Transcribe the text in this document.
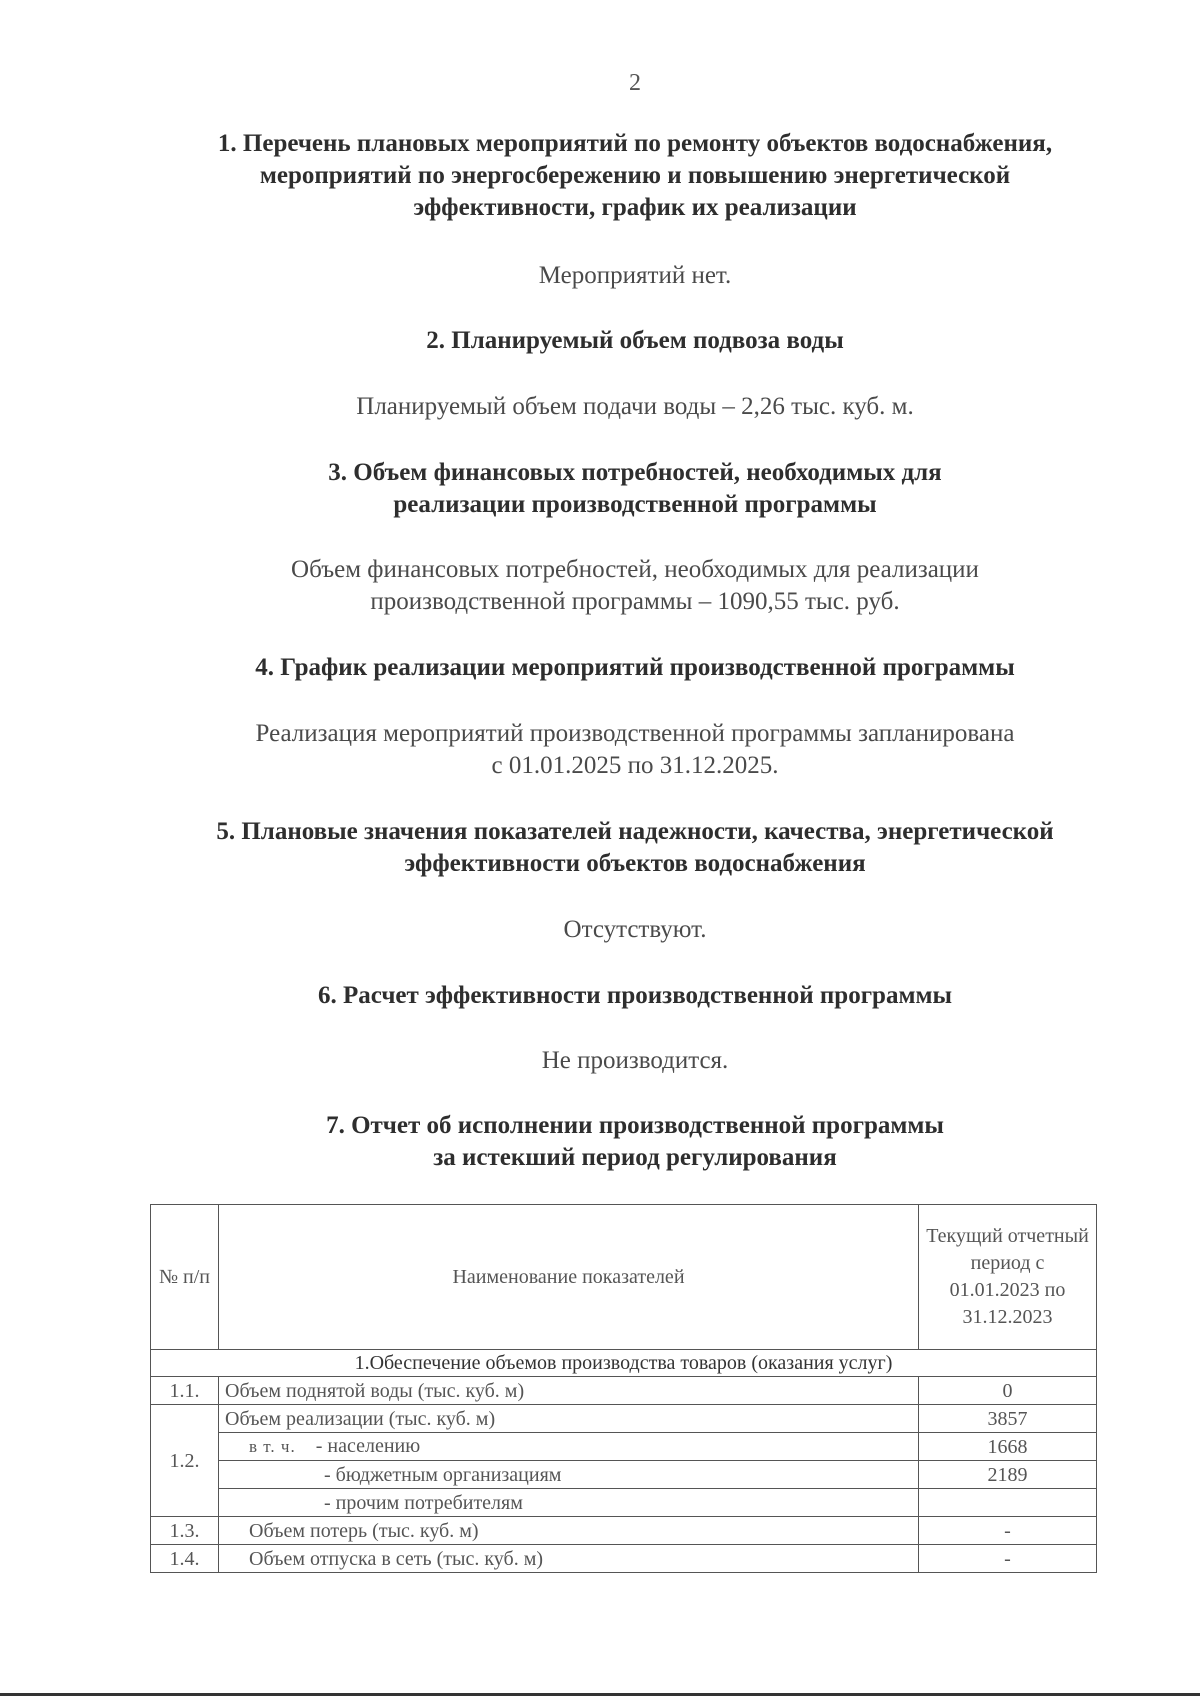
2

1. Перечень плановых мероприятий по ремонту объектов водоснабжения,

мероприятий по энергосбережению и повышению энергетической

эффективности, график их реализации

Мероприятий нет.

2. Планируемый объем подвоза воды

Планируемый объем подачи воды – 2,26 тыс. куб. м.

3. Объем финансовых потребностей, необходимых для

реализации производственной программы

Объем финансовых потребностей, необходимых для реализации

производственной программы – 1090,55 тыс. руб.

4. График реализации мероприятий производственной программы

Реализация мероприятий производственной программы запланирована

с 01.01.2025 по 31.12.2025.

5. Плановые значения показателей надежности, качества, энергетической

эффективности объектов водоснабжения

Отсутствуют.

6. Расчет эффективности производственной программы

Не производится.

7. Отчет об исполнении производственной программы

за истекший период регулирования

№ п/п	Наименование показателей	Текущий отчетный период с 01.01.2023 по 31.12.2023
1.Обеспечение объемов производства товаров (оказания услуг)		
1.1.	Объем поднятой воды (тыс. куб. м)	0
1.2.	Объем реализации (тыс. куб. м)	3857
	в т. ч. - населению	1668
	- бюджетным организациям	2189
	- прочим потребителям	
1.3.	Объем потерь (тыс. куб. м)	-
1.4.	Объем отпуска в сеть (тыс. куб. м)	-
